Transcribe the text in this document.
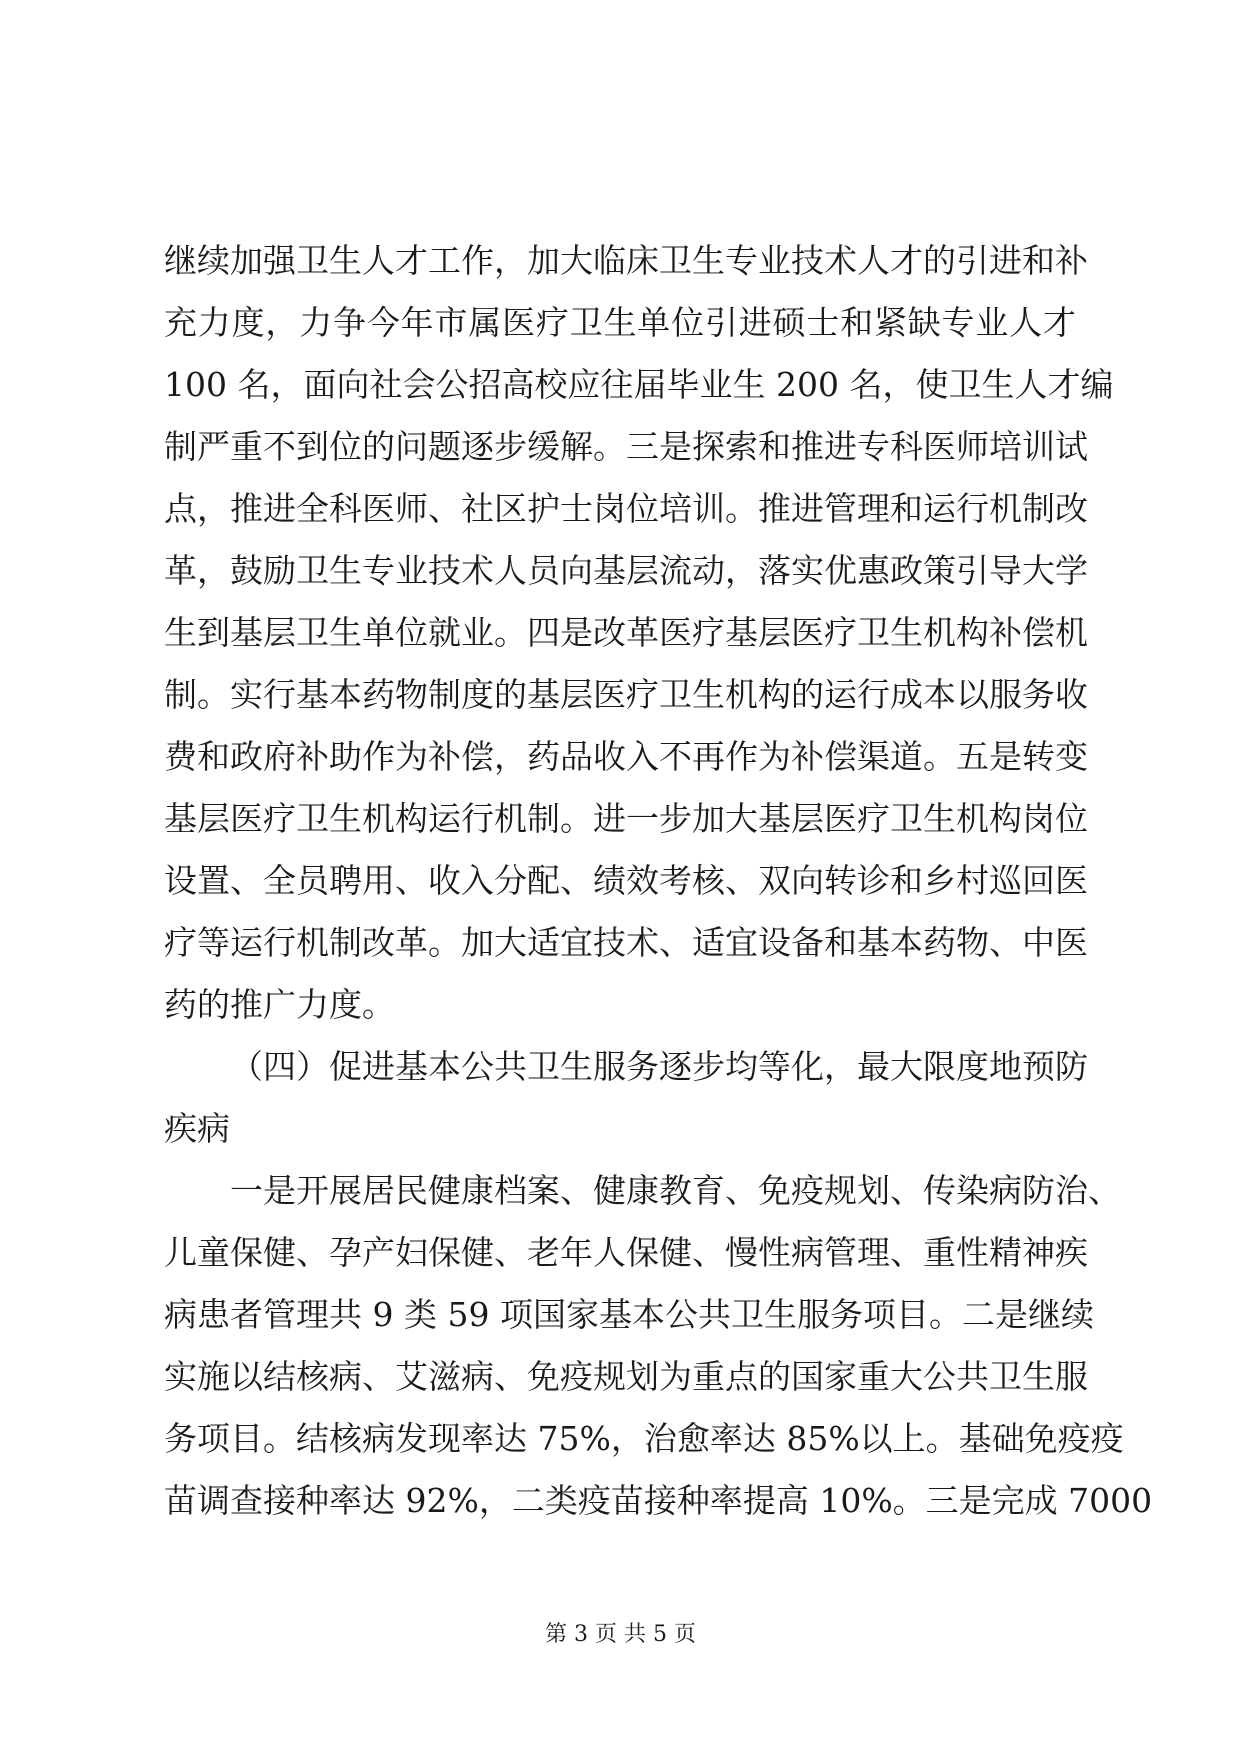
继续加强卫生人才工作，加大临床卫生专业技术人才的引进和补
充力度，力争今年市属医疗卫生单位引进硕士和紧缺专业人才
100 名，面向社会公招高校应往届毕业生 200 名，使卫生人才编
制严重不到位的问题逐步缓解。三是探索和推进专科医师培训试
点，推进全科医师、社区护士岗位培训。推进管理和运行机制改
革，鼓励卫生专业技术人员向基层流动，落实优惠政策引导大学
生到基层卫生单位就业。四是改革医疗基层医疗卫生机构补偿机
制。实行基本药物制度的基层医疗卫生机构的运行成本以服务收
费和政府补助作为补偿，药品收入不再作为补偿渠道。五是转变
基层医疗卫生机构运行机制。进一步加大基层医疗卫生机构岗位
设置、全员聘用、收入分配、绩效考核、双向转诊和乡村巡回医
疗等运行机制改革。加大适宜技术、适宜设备和基本药物、中医
药的推广力度。
（四）促进基本公共卫生服务逐步均等化，最大限度地预防
疾病
一是开展居民健康档案、健康教育、免疫规划、传染病防治、
儿童保健、孕产妇保健、老年人保健、慢性病管理、重性精神疾
病患者管理共 9 类 59 项国家基本公共卫生服务项目。二是继续
实施以结核病、艾滋病、免疫规划为重点的国家重大公共卫生服
务项目。结核病发现率达 75%，治愈率达 85%以上。基础免疫疫
苗调查接种率达 92%，二类疫苗接种率提高 10%。三是完成 7000
第 3 页 共 5 页
